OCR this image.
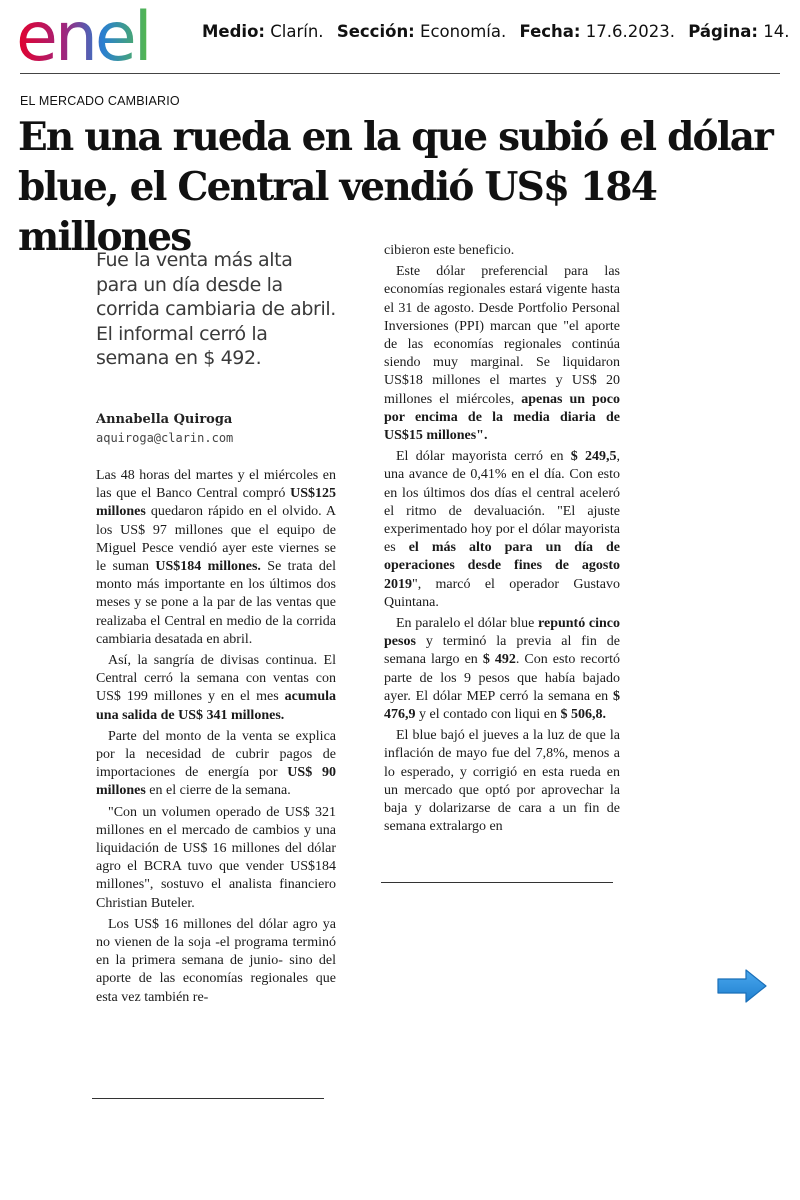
enel	Medio: Clarín. Sección: Economía. Fecha: 17.6.2023. Página: 14.
EL MERCADO CAMBIARIO
En una rueda en la que subió el dólar
blue, el Central vendió US$ 184 millones
Fue la venta más alta para un día desde la corrida cambiaria de abril. El informal cerró la semana en $ 492.
Annabella Quiroga
aquiroga@clarin.com

Las 48 horas del martes y el miércoles en las que el Banco Central compró US$125 millones quedaron rápido en el olvido. A los US$ 97 millones que el equipo de Miguel Pesce vendió ayer este viernes se le suman US$184 millones. Se trata del monto más importante en los últimos dos meses y se pone a la par de las ventas que realizaba el Central en medio de la corrida cambiaria desatada en abril.

Así, la sangría de divisas continua. El Central cerró la semana con ventas con US$ 199 millones y en el mes acumula una salida de US$ 341 millones.

Parte del monto de la venta se explica por la necesidad de cubrir pagos de importaciones de energía por US$ 90 millones en el cierre de la semana.

"Con un volumen operado de US$ 321 millones en el mercado de cambios y una liquidación de US$ 16 millones del dólar agro el BCRA tuvo que vender US$184 millones", sostuvo el analista financiero Christian Buteler.

Los US$ 16 millones del dólar agro ya no vienen de la soja -el programa terminó en la primera semana de junio- sino del aporte de las economías regionales que esta vez también re-

cibieron este beneficio.

Este dólar preferencial para las economías regionales estará vigente hasta el 31 de agosto. Desde Portfolio Personal Inversiones (PPI) marcan que "el aporte de las economías regionales continúa siendo muy marginal. Se liquidaron US$18 millones el martes y US$ 20 millones el miércoles, apenas un poco por encima de la media diaria de US$15 millones".

El dólar mayorista cerró en $ 249,5, una avance de 0,41% en el día. Con esto en los últimos dos días el central aceleró el ritmo de devaluación. "El ajuste experimentado hoy por el dólar mayorista es el más alto para un día de operaciones desde fines de agosto 2019", marcó el operador Gustavo Quintana.

En paralelo el dólar blue repuntó cinco pesos y terminó la previa al fin de semana largo en $ 492. Con esto recortó parte de los 9 pesos que había bajado ayer. El dólar MEP cerró la semana en $ 476,9 y el contado con liqui en $ 506,8.

El blue bajó el jueves a la luz de que la inflación de mayo fue del 7,8%, menos a lo esperado, y corrigió en esta rueda en un mercado que optó por aprovechar la baja y dolarizarse de cara a un fin de semana extralargo en
